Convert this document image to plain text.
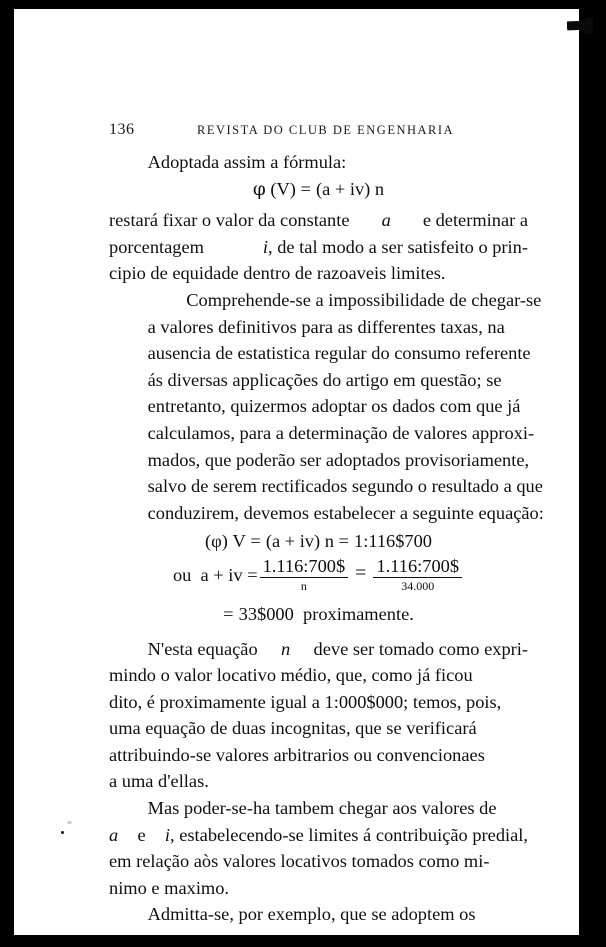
136	REVISTA DO CLUB DE ENGENHARIA

Adoptada assim a fórmula:

φ (V) = (a + iv) n

restará fixar o valor da constante a e determinar a
porcentagem	i, de tal modo a ser satisfeito o prin-
cipio de equidade dentro de razoaveis limites.

Comprehende-se a impossibilidade de chegar-se
a valores definitivos para as differentes taxas, na
ausencia de estatistica regular do consumo referente
ás diversas applicações do artigo em questão; se
entretanto, quizermos adoptar os dados com que já
calculamos, para a determinação de valores approxi-
mados, que poderão ser adoptados provisoriamente,
salvo de serem rectificados segundo o resultado a que
conduzirem, devemos estabelecer a seguinte equação:

(φ) V = (a + iv) n = 1:116$700
ou
a + iv
= $\frac{1.116:700\$}{n} = \frac{1.116:700\$}{34.000}$
= 33$000 proximamente.

N'esta equação n deve ser tomado como expri-
mindo o valor locativo médio, que, como já ficou
dito, é proximamente igual a 1:000$000; temos, pois,
uma equação de duas incognitas, que se verificará
attribuindo-se valores arbitrarios ou convencionaes
a uma d'ellas.

Mas poder-se-ha tambem chegar aos valores de
a e i, estabelecendo-se limites á contribuição predial,
em relação aòs valores locativos tomados como mi-
nimo e maximo.

Admitta-se, por exemplo, que se adoptem os
